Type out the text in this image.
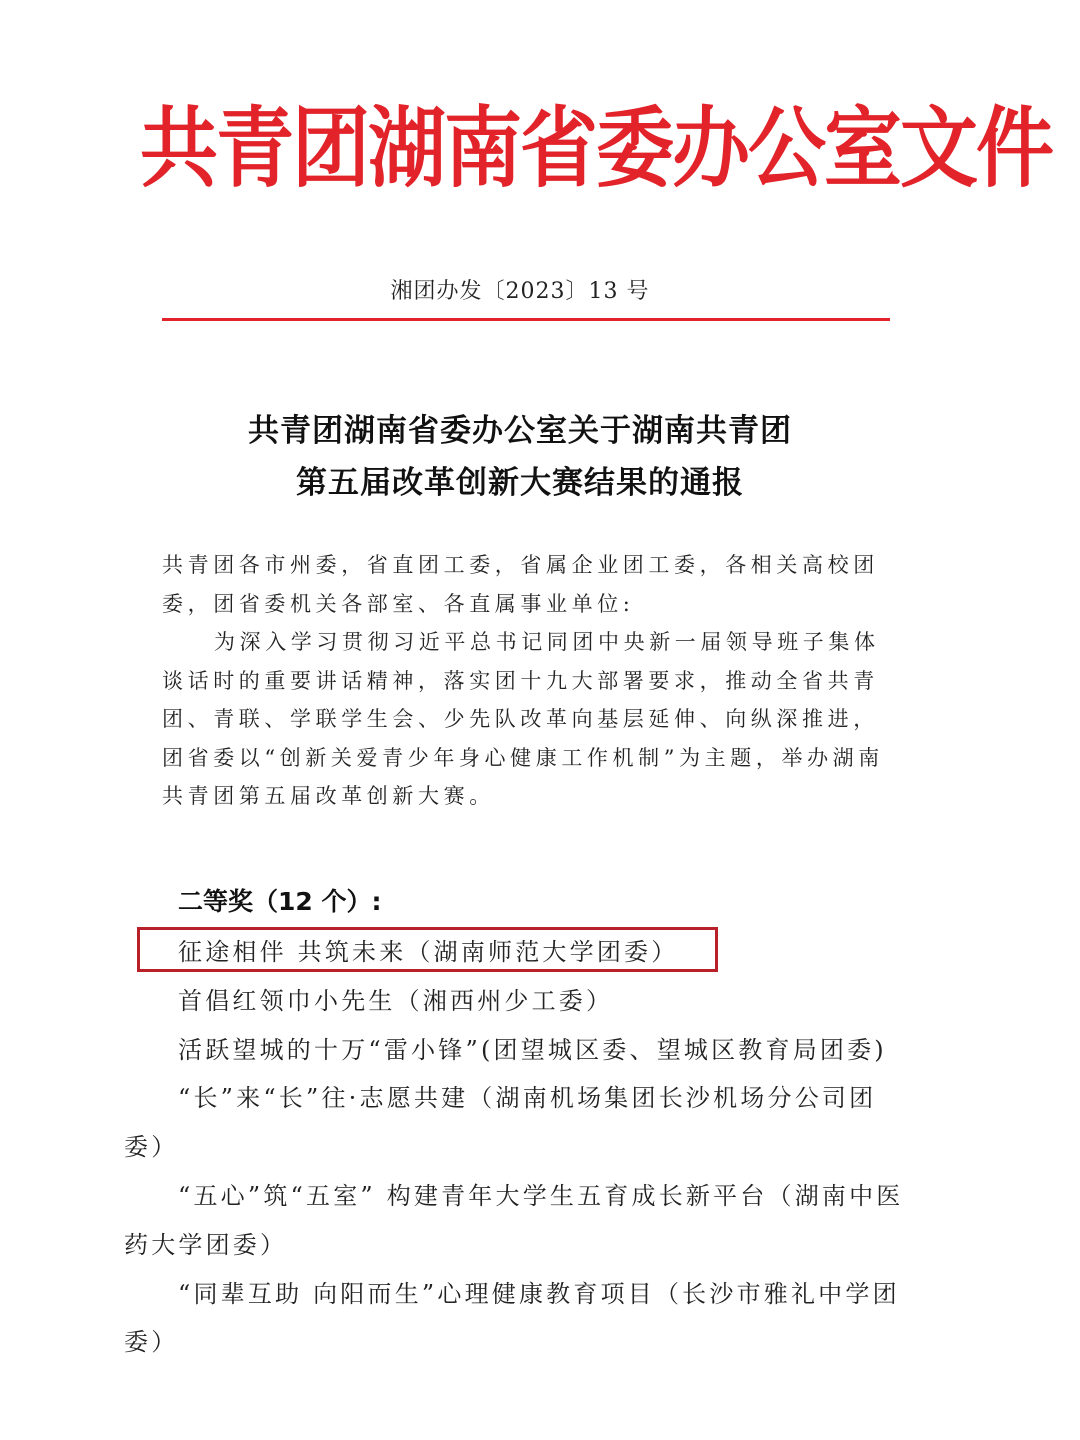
共青团湖南省委办公室文件
湘团办发〔2023〕13 号
共青团湖南省委办公室关于湖南共青团
第五届改革创新大赛结果的通报

共青团各市州委，省直团工委，省属企业团工委，各相关高校团委，团省委机关各部室、各直属事业单位:

为深入学习贯彻习近平总书记同团中央新一届领导班子集体谈话时的重要讲话精神，落实团十九大部署要求，推动全省共青团、青联、学联学生会、少先队改革向基层延伸、向纵深推进，团省委以“创新关爱青少年身心健康工作机制”为主题，举办湖南共青团第五届改革创新大赛。

二等奖（12 个）:

征途相伴 共筑未来（湖南师范大学团委）

首倡红领巾小先生（湘西州少工委）

活跃望城的十万“雷小锋”(团望城区委、望城区教育局团委)

“长”来“长”往·志愿共建（湖南机场集团长沙机场分公司团委）

“五心”筑“五室” 构建青年大学生五育成长新平台（湖南中医药大学团委）

“同辈互助 向阳而生”心理健康教育项目（长沙市雅礼中学团委）
